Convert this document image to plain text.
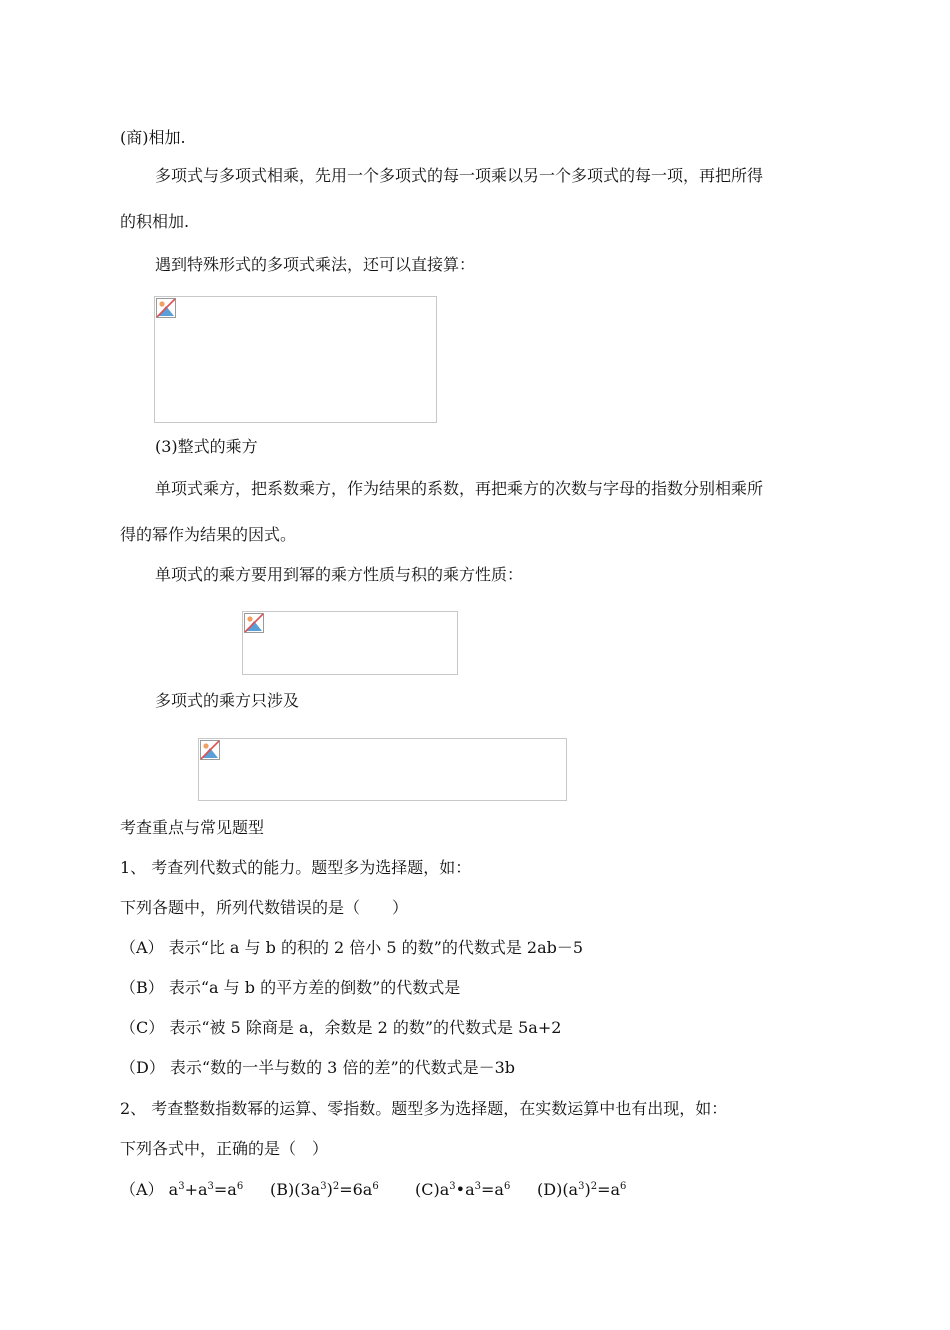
(商)相加.
多项式与多项式相乘，先用一个多项式的每一项乘以另一个多项式的每一项，再把所得
的积相加.
遇到特殊形式的多项式乘法，还可以直接算：
(3)整式的乘方
单项式乘方，把系数乘方，作为结果的系数，再把乘方的次数与字母的指数分别相乘所
得的幂作为结果的因式。
单项式的乘方要用到幂的乘方性质与积的乘方性质：
多项式的乘方只涉及
考查重点与常见题型
1、 考查列代数式的能力。题型多为选择题，如：
下列各题中，所列代数错误的是（　　）
（A） 表示“比 a 与 b 的积的 2 倍小 5 的数”的代数式是 2ab－5
（B） 表示“a 与 b 的平方差的倒数”的代数式是
（C） 表示“被 5 除商是 a，余数是 2 的数”的代数式是 5a+2
（D） 表示“数的一半与数的 3 倍的差”的代数式是－3b
2、 考查整数指数幂的运算、零指数。题型多为选择题，在实数运算中也有出现，如：
下列各式中，正确的是（　）
（A） $a^3+a^3=a^6$ $(B)(3a^3)^2=6a^6$ $(C)a^3•a^3=a^6$ $(D)(a^3)^2=a^6$
